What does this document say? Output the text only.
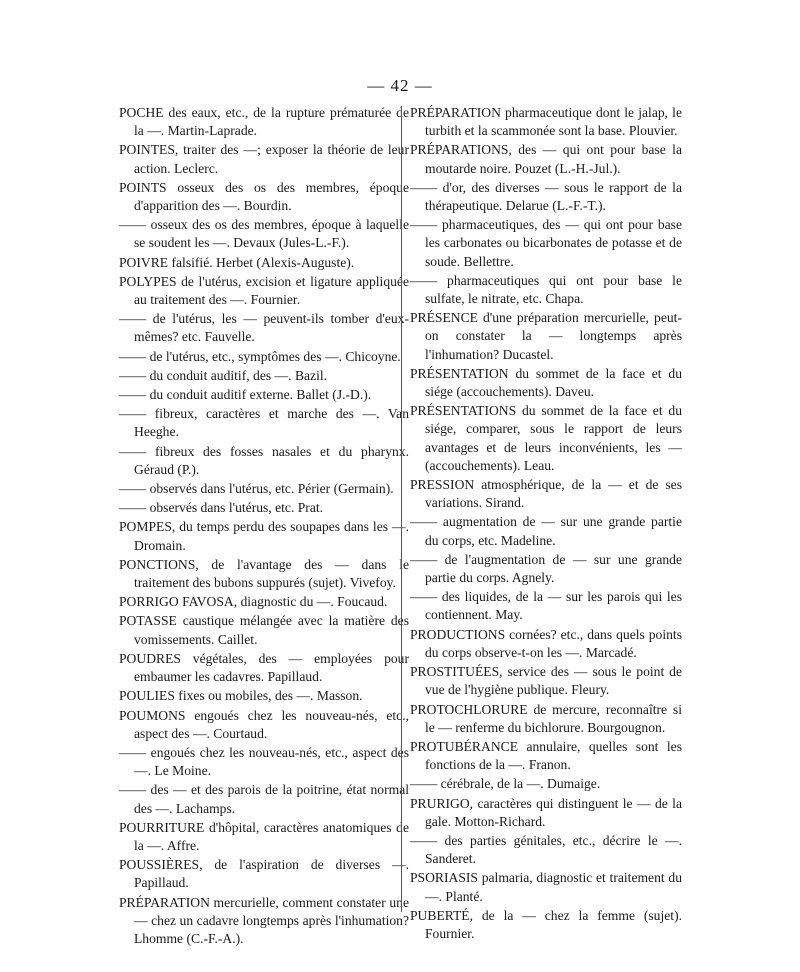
— 42 —

POCHE des eaux, etc., de la rupture prématurée de la —. Martin-Laprade.

POINTES, traiter des —; exposer la théorie de leur action. Leclerc.

POINTS osseux des os des membres, époque d'apparition des —. Bourdin.

—— osseux des os des membres, époque à laquelle se soudent les —. Devaux (Jules-L.-F.).

POIVRE falsifié. Herbet (Alexis-Auguste).

POLYPES de l'utérus, excision et ligature appliquée au traitement des —. Fournier.

—— de l'utérus, les — peuvent-ils tomber d'eux-mêmes? etc. Fauvelle.

—— de l'utérus, etc., symptômes des —. Chicoyne.

—— du conduit auditif, des —. Bazil.

—— du conduit auditif externe. Ballet (J.-D.).

—— fibreux, caractères et marche des —. Van Heeghe.

—— fibreux des fosses nasales et du pharynx. Géraud (P.).

—— observés dans l'utérus, etc. Périer (Germain).

—— observés dans l'utérus, etc. Prat.

POMPES, du temps perdu des soupapes dans les —. Dromain.

PONCTIONS, de l'avantage des — dans le traitement des bubons suppurés (sujet). Vivefoy.

PORRIGO FAVOSA, diagnostic du —. Foucaud.

POTASSE caustique mélangée avec la matière des vomissements. Caillet.

POUDRES végétales, des — employées pour embaumer les cadavres. Papillaud.

POULIES fixes ou mobiles, des —. Masson.

POUMONS engoués chez les nouveau-nés, etc., aspect des —. Courtaud.

—— engoués chez les nouveau-nés, etc., aspect des —. Le Moine.

—— des — et des parois de la poitrine, état normal des —. Lachamps.

POURRITURE d'hôpital, caractères anatomiques de la —. Affre.

POUSSIÈRES, de l'aspiration de diverses —. Papillaud.

PRÉPARATION mercurielle, comment constater une — chez un cadavre longtemps après l'inhumation? Lhomme (C.-F.-A.).

PRÉPARATION pharmaceutique dont le jalap, le turbith et la scammonée sont la base. Plouvier.

PRÉPARATIONS, des — qui ont pour base la moutarde noire. Pouzet (L.-H.-Jul.).

—— d'or, des diverses — sous le rapport de la thérapeutique. Delarue (L.-F.-T.).

—— pharmaceutiques, des — qui ont pour base les carbonates ou bicarbonates de potasse et de soude. Bellettre.

—— pharmaceutiques qui ont pour base le sulfate, le nitrate, etc. Chapa.

PRÉSENCE d'une préparation mercurielle, peut-on constater la — longtemps après l'inhumation? Ducastel.

PRÉSENTATION du sommet de la face et du siége (accouchements). Daveu.

PRÉSENTATIONS du sommet de la face et du siége, comparer, sous le rapport de leurs avantages et de leurs inconvénients, les — (accouchements). Leau.

PRESSION atmosphérique, de la — et de ses variations. Sirand.

—— augmentation de — sur une grande partie du corps, etc. Madeline.

—— de l'augmentation de — sur une grande partie du corps. Agnely.

—— des liquides, de la — sur les parois qui les contiennent. May.

PRODUCTIONS cornées? etc., dans quels points du corps observe-t-on les —. Marcadé.

PROSTITUÉES, service des — sous le point de vue de l'hygiène publique. Fleury.

PROTOCHLORURE de mercure, reconnaître si le — renferme du bichlorure. Bourgougnon.

PROTUBÉRANCE annulaire, quelles sont les fonctions de la —. Franon.

—— cérébrale, de la —. Dumaige.

PRURIGO, caractères qui distinguent le — de la gale. Motton-Richard.

—— des parties génitales, etc., décrire le —. Sanderet.

PSORIASIS palmaria, diagnostic et traitement du —. Planté.

PUBERTÉ, de la — chez la femme (sujet). Fournier.
